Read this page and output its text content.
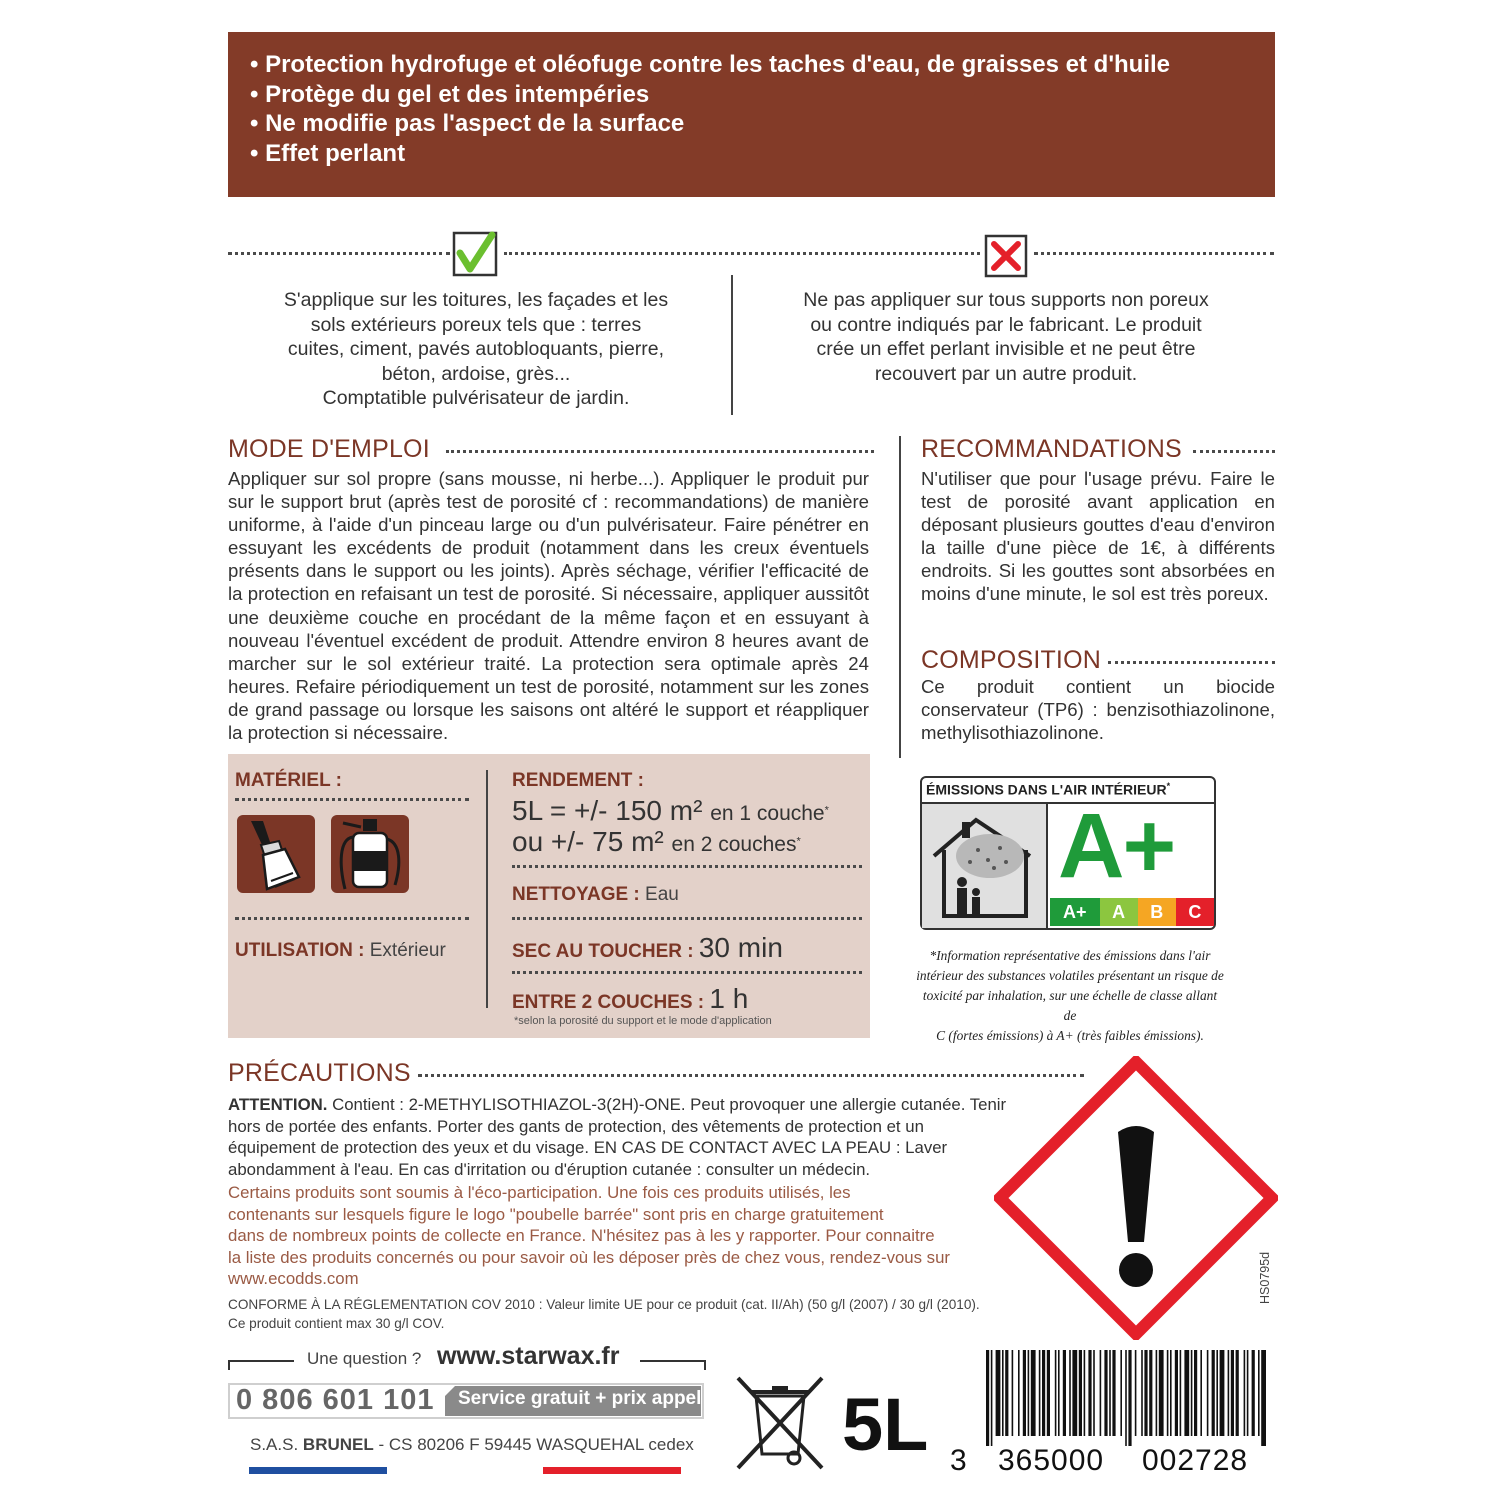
• Protection hydrofuge et oléofuge contre les taches d'eau, de graisses et d'huile
• Protège du gel et des intempéries
• Ne modifie pas l'aspect de la surface
• Effet perlant
S'applique sur les toitures, les façades et les
sols extérieurs poreux tels que : terres
cuites, ciment, pavés autobloquants, pierre,
béton, ardoise, grès...
Comptatible pulvérisateur de jardin.
Ne pas appliquer sur tous supports non poreux
ou contre indiqués par le fabricant. Le produit
crée un effet perlant invisible et ne peut être
recouvert par un autre produit.
MODE D'EMPLOI
Appliquer sur sol propre (sans mousse, ni herbe...). Appliquer le produit pur sur le support brut (après test de porosité cf : recommandations) de manière uniforme, à l'aide d'un pinceau large ou d'un pulvérisateur. Faire pénétrer en essuyant les excédents de produit (notamment dans les creux éventuels présents dans le support ou les joints). Après séchage, vérifier l'efficacité de la protection en refaisant un test de porosité. Si nécessaire, appliquer aussitôt une deuxième couche en procédant de la même façon et en essuyant à nouveau l'éventuel excédent de produit. Attendre environ 8 heures avant de marcher sur le sol extérieur traité. La protection sera optimale après 24 heures. Refaire périodiquement un test de porosité, notamment sur les zones de grand passage ou lorsque les saisons ont altéré le support et réappliquer la protection si nécessaire.
RECOMMANDATIONS
N'utiliser que pour l'usage prévu. Faire le test de porosité avant application en déposant plusieurs gouttes d'eau d'environ la taille d'une pièce de 1€, à différents endroits. Si les gouttes sont absorbées en moins d'une minute, le sol est très poreux.
COMPOSITION
Ce produit contient un biocide conservateur (TP6) : benzisothiazolinone, methylisothiazolinone.
MATÉRIEL :
UTILISATION : Extérieur
RENDEMENT :
5L = +/- 150 m² en 1 couche*
ou +/- 75 m² en 2 couches*
NETTOYAGE : Eau
SEC AU TOUCHER : 30 min
ENTRE 2 COUCHES : 1 h
*selon la porosité du support et le mode d'application
ÉMISSIONS DANS L'AIR INTÉRIEUR*
A+
A+	A	B	C
*Information représentative des émissions dans l'air
intérieur des substances volatiles présentant un risque de
toxicité par inhalation, sur une échelle de classe allant de
C (fortes émissions) à A+ (très faibles émissions).
PRÉCAUTIONS
ATTENTION. Contient : 2-METHYLISOTHIAZOL-3(2H)-ONE. Peut provoquer une allergie cutanée. Tenir
hors de portée des enfants. Porter des gants de protection, des vêtements de protection et un
équipement de protection des yeux et du visage. EN CAS DE CONTACT AVEC LA PEAU : Laver
abondamment à l'eau. En cas d'irritation ou d'éruption cutanée : consulter un médecin.
Certains produits sont soumis à l'éco-participation. Une fois ces produits utilisés, les
contenants sur lesquels figure le logo "poubelle barrée" sont pris en charge gratuitement
dans de nombreux points de collecte en France. N'hésitez pas à les y rapporter. Pour connaitre
la liste des produits concernés ou pour savoir où les déposer près de chez vous, rendez-vous sur
www.ecodds.com
CONFORME À LA RÉGLEMENTATION COV 2010 : Valeur limite UE pour ce produit (cat. II/Ah) (50 g/l (2007) / 30 g/l (2010).
Ce produit contient max 30 g/l COV.
HS0795d
Une question ? www.starwax.fr
0 806 601 101 Service gratuit + prix appel
S.A.S. BRUNEL - CS 80206 F 59445 WASQUEHAL cedex 5L 3 365000 002728
